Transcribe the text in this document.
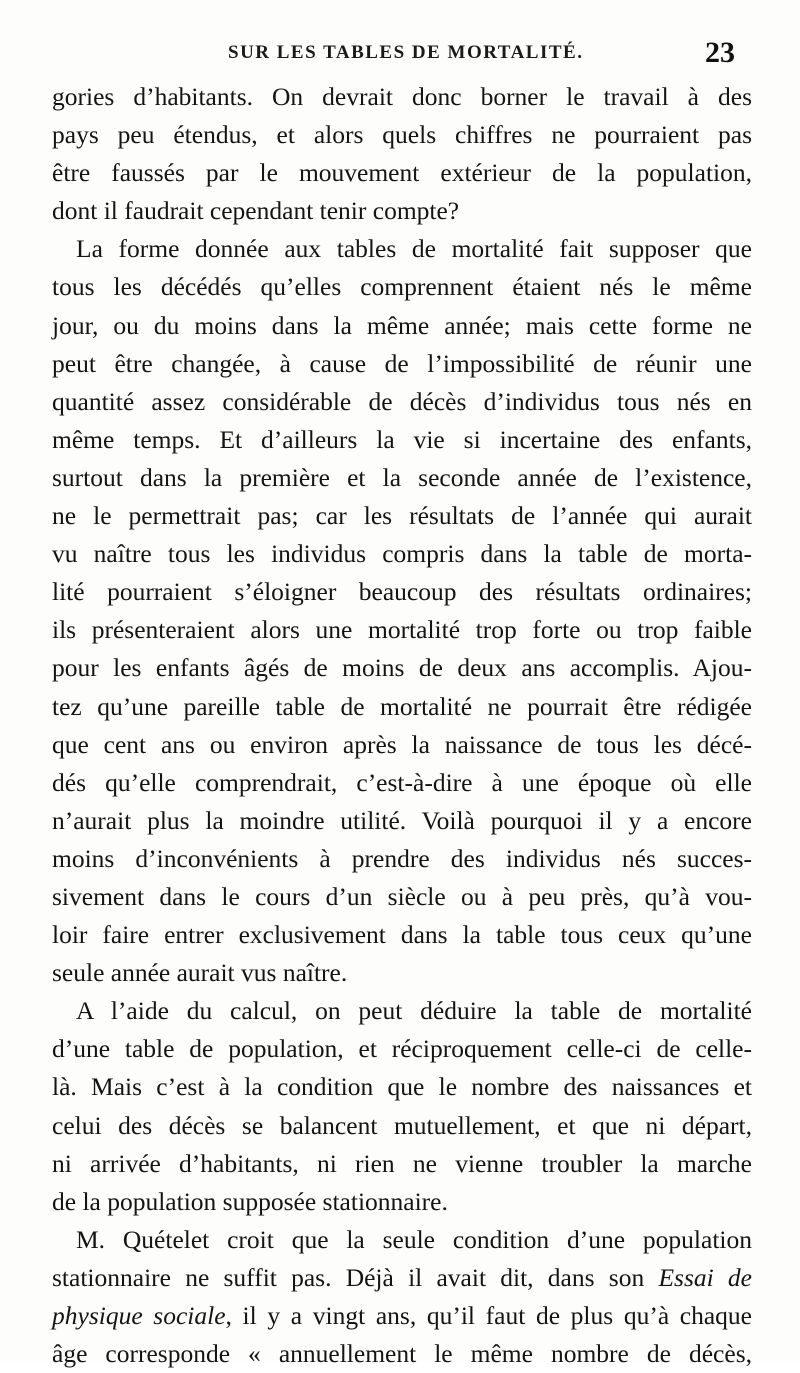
SUR LES TABLES DE MORTALITÉ.	23
gories d’habitants. On devrait donc borner le travail à des
pays peu étendus, et alors quels chiffres ne pourraient pas
être faussés par le mouvement extérieur de la population,
dont il faudrait cependant tenir compte?
La forme donnée aux tables de mortalité fait supposer que
tous les décédés qu’elles comprennent étaient nés le même
jour, ou du moins dans la même année; mais cette forme ne
peut être changée, à cause de l’impossibilité de réunir une
quantité assez considérable de décès d’individus tous nés en
même temps. Et d’ailleurs la vie si incertaine des enfants,
surtout dans la première et la seconde année de l’existence,
ne le permettrait pas; car les résultats de l’année qui aurait
vu naître tous les individus compris dans la table de morta-
lité pourraient s’éloigner beaucoup des résultats ordinaires;
ils présenteraient alors une mortalité trop forte ou trop faible
pour les enfants âgés de moins de deux ans accomplis. Ajou-
tez qu’une pareille table de mortalité ne pourrait être rédigée
que cent ans ou environ après la naissance de tous les décé-
dés qu’elle comprendrait, c’est-à-dire à une époque où elle
n’aurait plus la moindre utilité. Voilà pourquoi il y a encore
moins d’inconvénients à prendre des individus nés succes-
sivement dans le cours d’un siècle ou à peu près, qu’à vou-
loir faire entrer exclusivement dans la table tous ceux qu’une
seule année aurait vus naître.
A l’aide du calcul, on peut déduire la table de mortalité
d’une table de population, et réciproquement celle-ci de celle-
là. Mais c’est à la condition que le nombre des naissances et
celui des décès se balancent mutuellement, et que ni départ,
ni arrivée d’habitants, ni rien ne vienne troubler la marche
de la population supposée stationnaire.
M. Quételet croit que la seule condition d’une population
stationnaire ne suffit pas. Déjà il avait dit, dans son Essai de
physique sociale, il y a vingt ans, qu’il faut de plus qu’à chaque
âge corresponde « annuellement le même nombre de décès,
